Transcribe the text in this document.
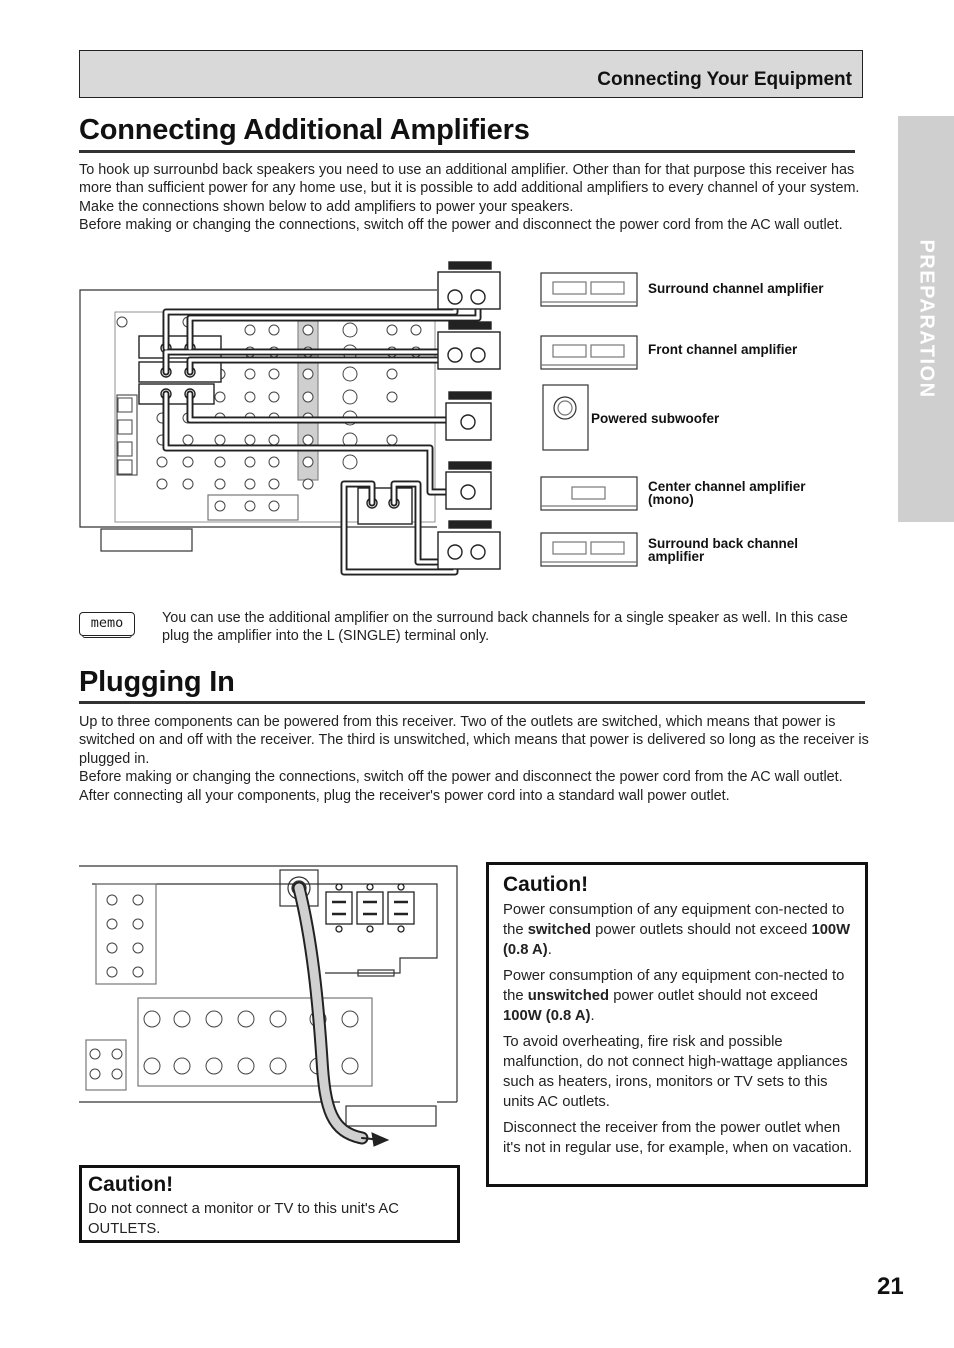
Connecting Your Equipment
PREPARATION
Connecting Additional Amplifiers

To hook up surrounbd back speakers you need to use an additional amplifier. Other than for that purpose this receiver has more than sufficient power for any home use, but it is possible to add additional amplifiers to every channel of your system. Make the connections shown below to add amplifiers to power your speakers.

Before making or changing the connections, switch off the power and disconnect the power cord from the AC wall outlet.

Surround channel amplifier
Front channel amplifier
Powered subwoofer
Center channel amplifier (mono)
Surround back channel amplifier
memo	You can use the additional amplifier on the surround back channels for a single speaker as well. In this case plug the amplifier into the L (SINGLE) terminal only.
Plugging In

Up to three components can be powered from this receiver. Two of the outlets are switched, which means that power is switched on and off with the receiver. The third is unswitched, which means that power is delivered so long as the receiver is plugged in.

Before making or changing the connections, switch off the power and disconnect the power cord from the AC wall outlet.

After connecting all your components, plug the receiver's power cord into a standard wall power outlet.

Caution!
Do not connect a monitor or TV to this unit's AC OUTLETS.
Caution!

Power consumption of any equipment con-nected to the switched power outlets should not exceed 100W (0.8 A).

Power consumption of any equipment con-nected to the unswitched power outlet should not exceed 100W (0.8 A).

To avoid overheating, fire risk and possible malfunction, do not connect high-wattage appliances such as heaters, irons, monitors or TV sets to this units AC outlets.

Disconnect the receiver from the power outlet when it's not in regular use, for example, when on vacation.

21
